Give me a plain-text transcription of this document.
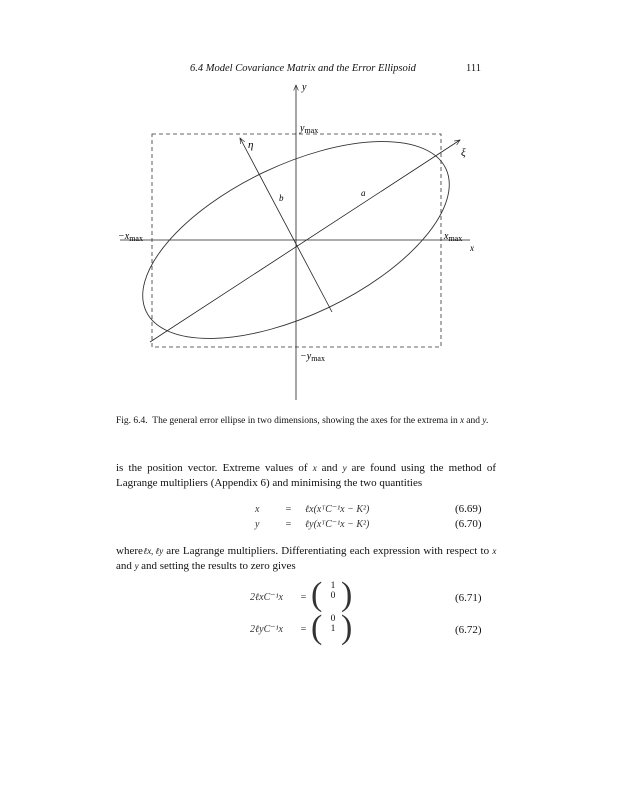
6.4 Model Covariance Matrix and the Error Ellipsoid	111
y
x
ξ
η
a
b
$y_{max}$
$-y_{max}$
$x_{max}$
$-x_{max}$
Fig. 6.4. The general error ellipse in two dimensions, showing the axes for the extrema in x and y.
is the position vector. Extreme values of x and y are found using the method of Lagrange multipliers (Appendix 6) and minimising the two quantities
x	= ℓx(xᵀC⁻¹x − K²)	(6.69)
y	= ℓy(xᵀC⁻¹x − K²)	(6.70)
whereℓx, ℓy are Lagrange multipliers. Differentiating each expression with respect to x and y and setting the results to zero gives
2ℓxC⁻¹x = ( 1
0 )	(6.71)
2ℓyC⁻¹x = ( 0
1 )	(6.72)
